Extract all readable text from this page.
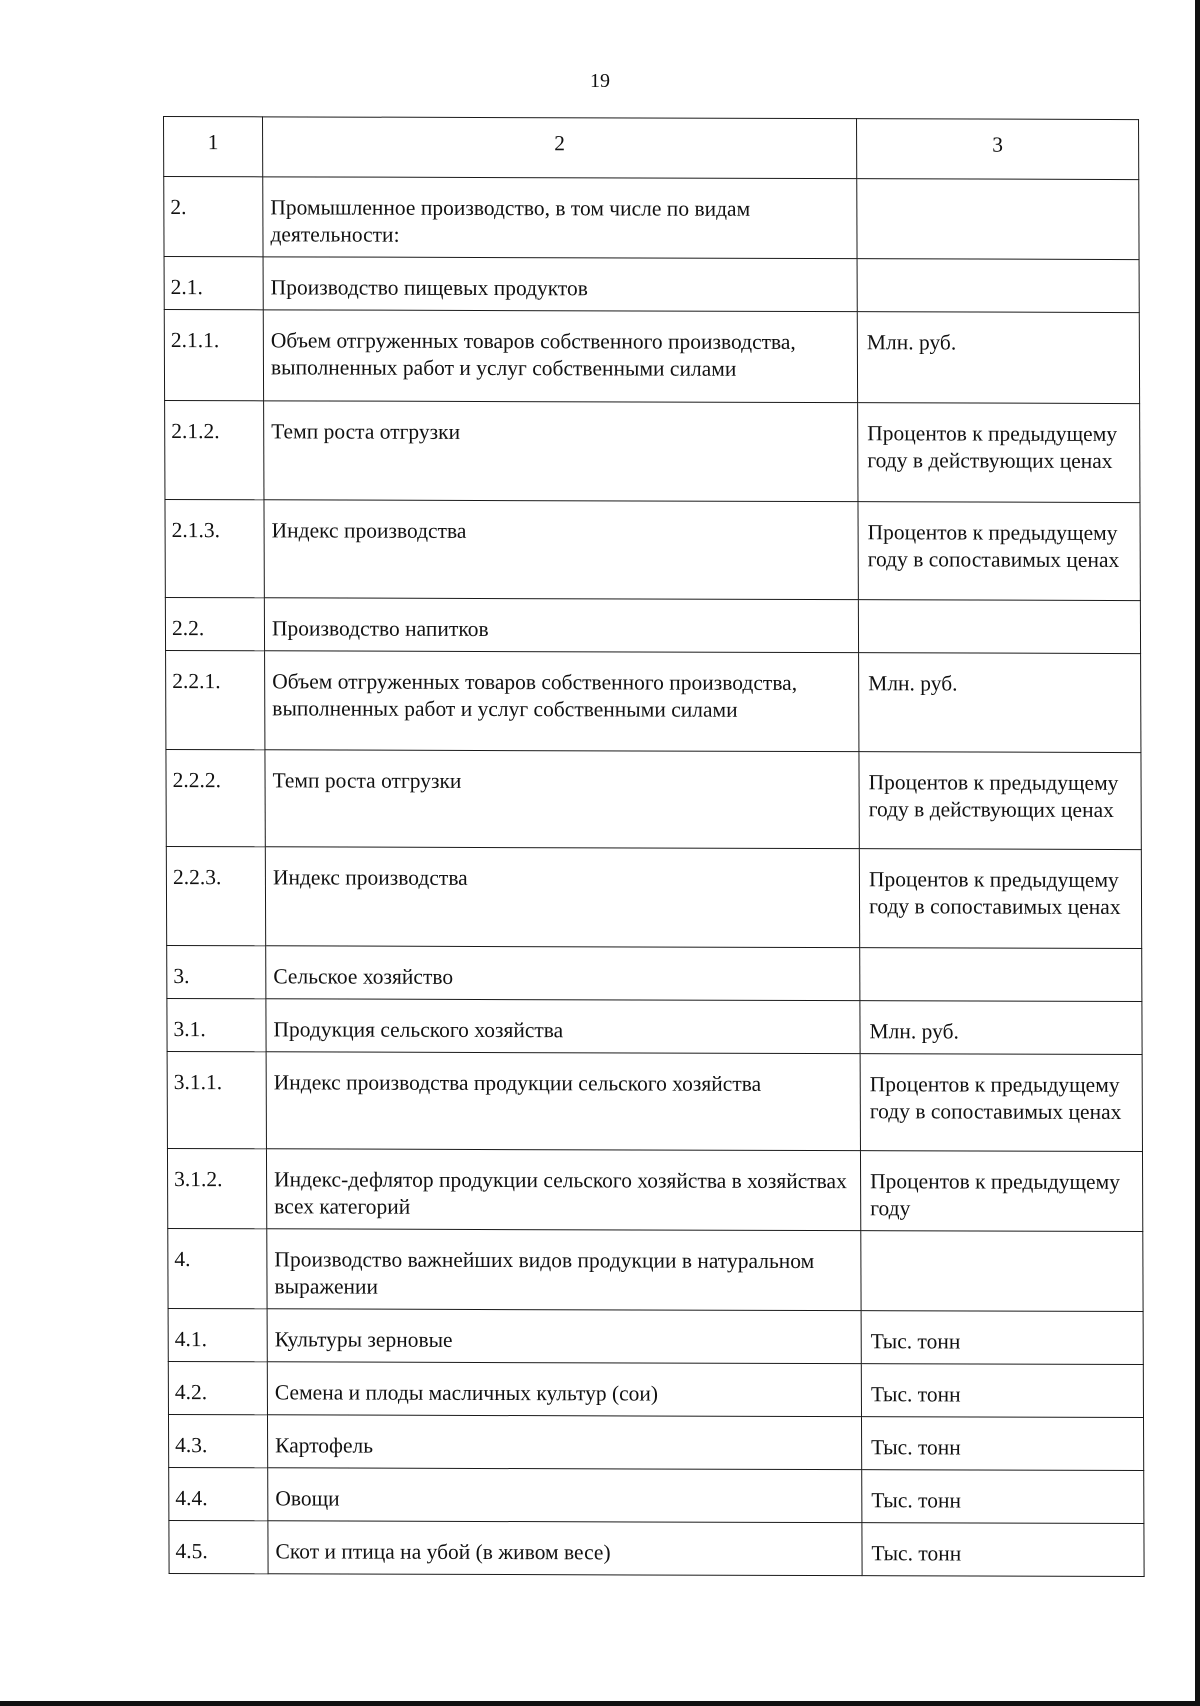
19
1	2	3
2.	Промышленное производство, в том числе по видам деятельности:	
2.1.	Производство пищевых продуктов	
2.1.1.	Объем отгруженных товаров собственного производства, выполненных работ и услуг собственными силами	Млн. руб.
2.1.2.	Темп роста отгрузки	Процентов к предыдущему году в действующих ценах
2.1.3.	Индекс производства	Процентов к предыдущему году в сопоставимых ценах
2.2.	Производство напитков	
2.2.1.	Объем отгруженных товаров собственного производства, выполненных работ и услуг собственными силами	Млн. руб.
2.2.2.	Темп роста отгрузки	Процентов к предыдущему году в действующих ценах
2.2.3.	Индекс производства	Процентов к предыдущему году в сопоставимых ценах
3.	Сельское хозяйство	
3.1.	Продукция сельского хозяйства	Млн. руб.
3.1.1.	Индекс производства продукции сельского хозяйства	Процентов к предыдущему году в сопоставимых ценах
3.1.2.	Индекс-дефлятор продукции сельского хозяйства в хозяйствах всех категорий	Процентов к предыдущему году
4.	Производство важнейших видов продукции в натуральном выражении	
4.1.	Культуры зерновые	Тыс. тонн
4.2.	Семена и плоды масличных культур (сои)	Тыс. тонн
4.3.	Картофель	Тыс. тонн
4.4.	Овощи	Тыс. тонн
4.5.	Скот и птица на убой (в живом весе)	Тыс. тонн
